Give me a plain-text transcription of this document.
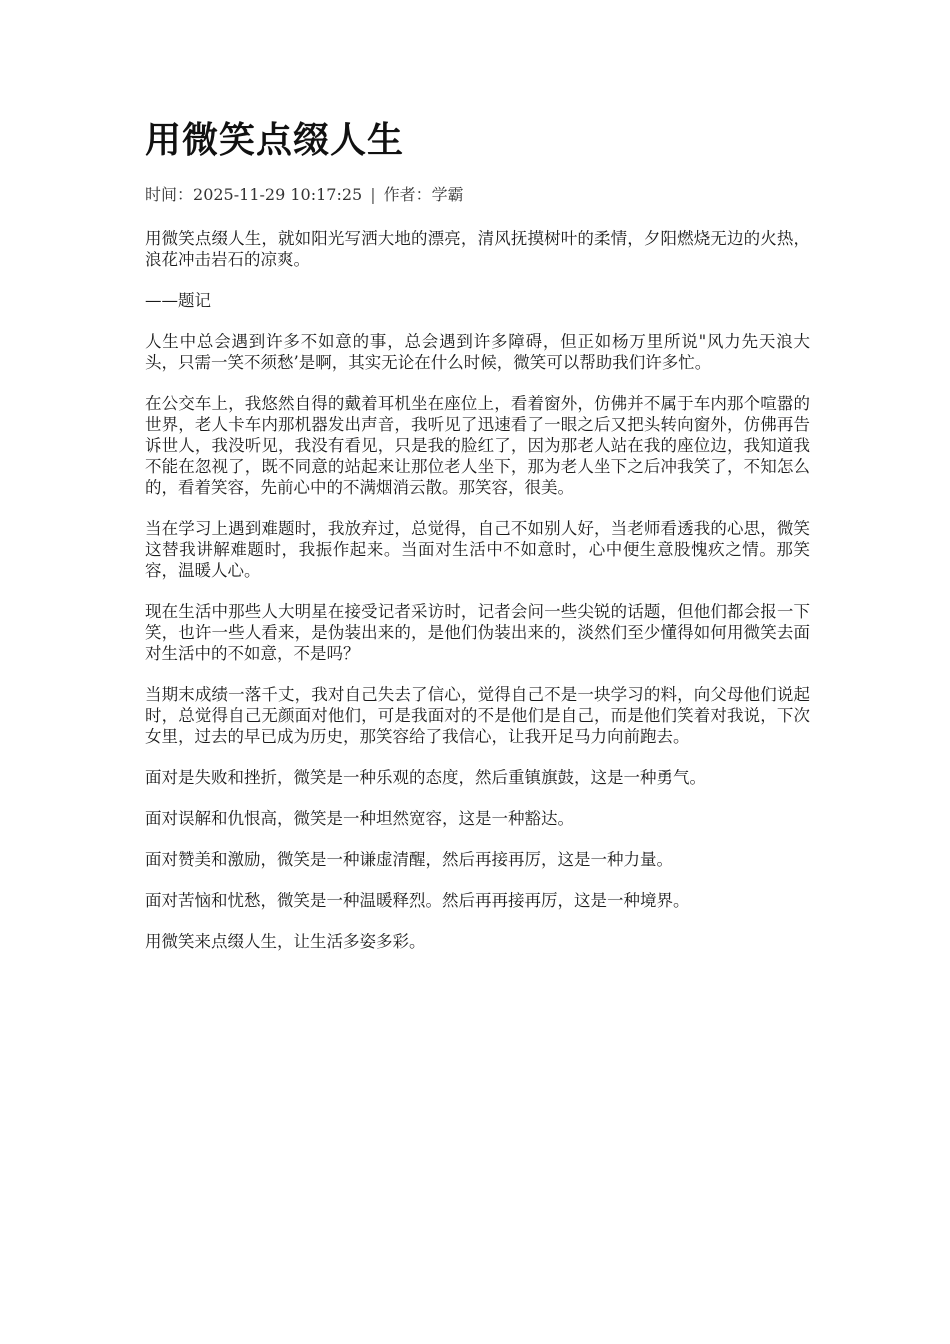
用微笑点缀人生
时间：2025-11-29 10:17:25 | 作者：学霸

用微笑点缀人生，就如阳光写洒大地的漂亮，清风抚摸树叶的柔情，夕阳燃烧无边的火热，浪花冲击岩石的凉爽。

——题记

人生中总会遇到许多不如意的事，总会遇到许多障碍，但正如杨万里所说"风力先天浪大头，只需一笑不须愁’是啊，其实无论在什么时候，微笑可以帮助我们许多忙。

在公交车上，我悠然自得的戴着耳机坐在座位上，看着窗外，仿佛并不属于车内那个喧嚣的世界，老人卡车内那机器发出声音，我听见了迅速看了一眼之后又把头转向窗外，仿佛再告诉世人，我没听见，我没有看见，只是我的脸红了，因为那老人站在我的座位边，我知道我不能在忽视了，既不同意的站起来让那位老人坐下，那为老人坐下之后冲我笑了，不知怎么的，看着笑容，先前心中的不满烟消云散。那笑容，很美。

当在学习上遇到难题时，我放弃过，总觉得，自己不如别人好，当老师看透我的心思，微笑这替我讲解难题时，我振作起来。当面对生活中不如意时，心中便生意股愧疚之情。那笑容，温暖人心。

现在生活中那些人大明星在接受记者采访时，记者会问一些尖锐的话题，但他们都会报一下笑，也许一些人看来，是伪装出来的，是他们伪装出来的，淡然们至少懂得如何用微笑去面对生活中的不如意，不是吗？

当期末成绩一落千丈，我对自己失去了信心，觉得自己不是一块学习的料，向父母他们说起时，总觉得自己无颜面对他们，可是我面对的不是他们是自己，而是他们笑着对我说，下次女里，过去的早已成为历史，那笑容给了我信心，让我开足马力向前跑去。

面对是失败和挫折，微笑是一种乐观的态度，然后重镇旗鼓，这是一种勇气。

面对误解和仇恨高，微笑是一种坦然宽容，这是一种豁达。

面对赞美和激励，微笑是一种谦虚清醒，然后再接再厉，这是一种力量。

面对苦恼和忧愁，微笑是一种温暖释烈。然后再再接再厉，这是一种境界。

用微笑来点缀人生，让生活多姿多彩。
